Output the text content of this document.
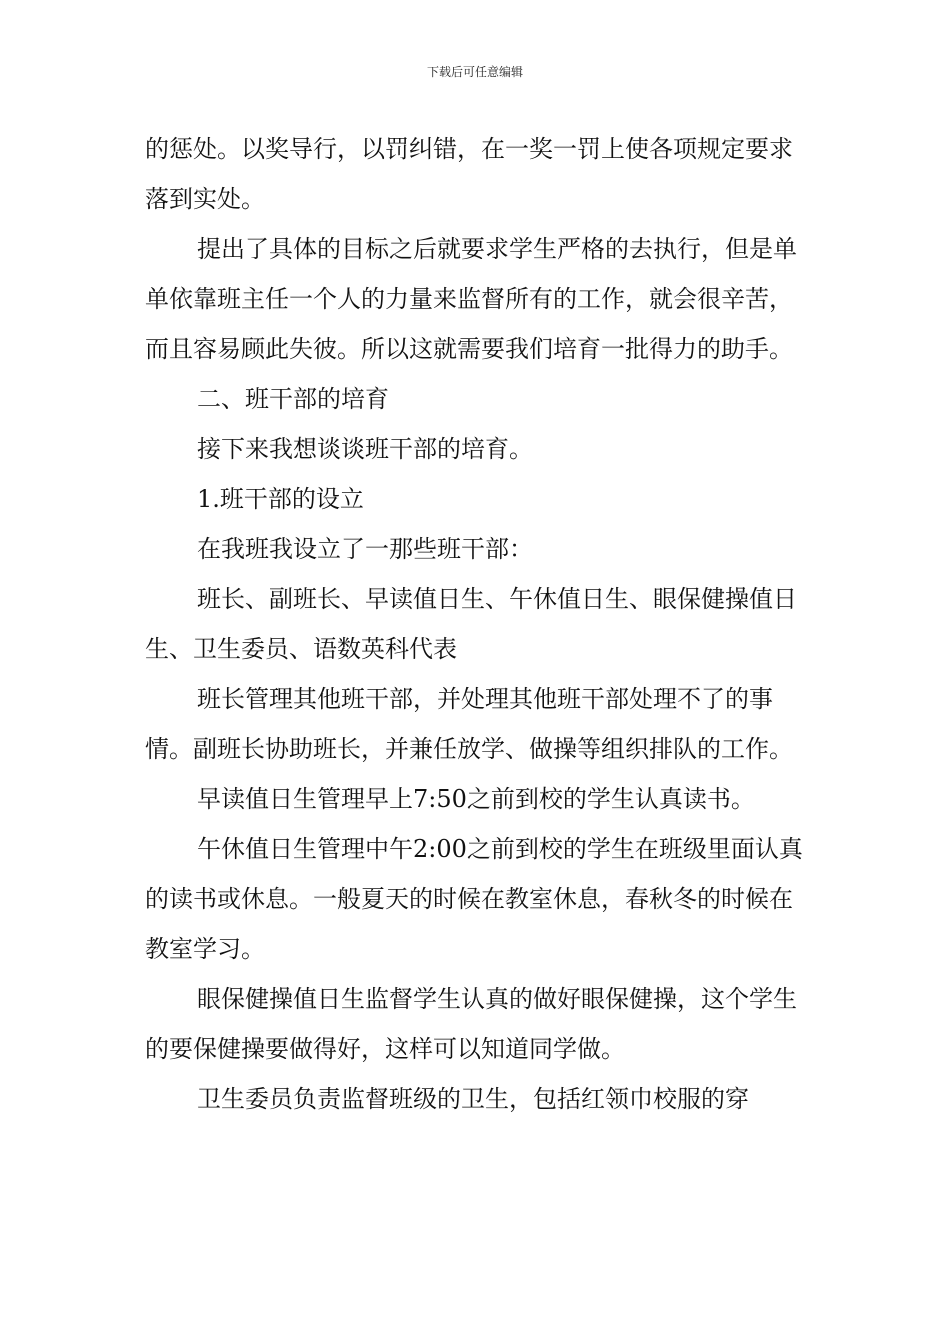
下载后可任意编辑

的惩处。以奖导行，以罚纠错，在一奖一罚上使各项规定要求落到实处。

提出了具体的目标之后就要求学生严格的去执行，但是单单依靠班主任一个人的力量来监督所有的工作，就会很辛苦，而且容易顾此失彼。所以这就需要我们培育一批得力的助手。

二、班干部的培育

接下来我想谈谈班干部的培育。

1.班干部的设立

在我班我设立了一那些班干部：

班长、副班长、早读值日生、午休值日生、眼保健操值日生、卫生委员、语数英科代表

班长管理其他班干部，并处理其他班干部处理不了的事情。副班长协助班长，并兼任放学、做操等组织排队的工作。

早读值日生管理早上7:50之前到校的学生认真读书。

午休值日生管理中午2:00之前到校的学生在班级里面认真的读书或休息。一般夏天的时候在教室休息，春秋冬的时候在教室学习。

眼保健操值日生监督学生认真的做好眼保健操，这个学生的要保健操要做得好，这样可以知道同学做。

卫生委员负责监督班级的卫生，包括红领巾校服的穿
